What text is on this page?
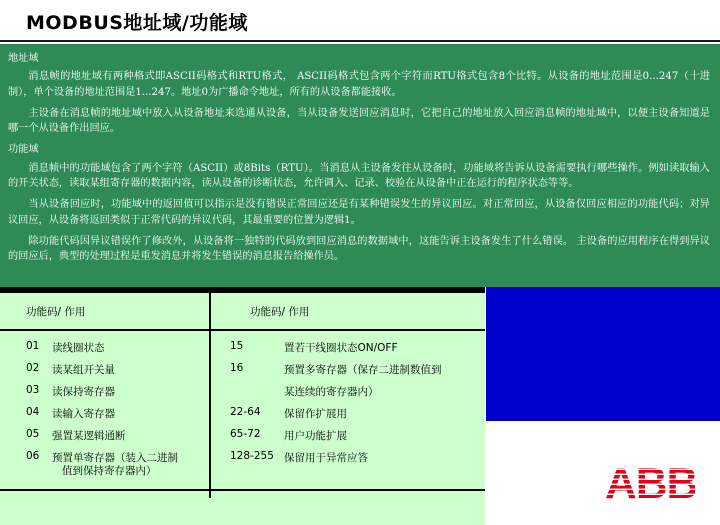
MODBUS地址域/功能域
地址域
消息帧的地址域有两种格式即ASCII码格式和RTU格式， ASCII码格式包含两个字符而RTU格式包含8个比特。从设备的地址范围是0...247（十进制），单个设备的地址范围是1...247。地址0为广播命令地址，所有的从设备都能接收。
主设备在消息帧的地址域中放入从设备地址来选通从设备，当从设备发送回应消息时，它把自己的地址放入回应消息帧的地址域中，以便主设备知道是哪一个从设备作出回应。
功能域
消息帧中的功能域包含了两个字符（ASCII）或8Bits（RTU）。当消息从主设备发往从设备时，功能域将告诉从设备需要执行哪些操作。例如读取输入的开关状态，读取某组寄存器的数据内容，读从设备的诊断状态，允许调入、记录、校验在从设备中正在运行的程序状态等等。
当从设备回应时，功能域中的返回值可以指示是没有错误正常回应还是有某种错误发生的异议回应。对正常回应，从设备仅回应相应的功能代码；对异议回应，从设备将返回类似于正常代码的异议代码，其最重要的位置为逻辑1。
除功能代码因异议错误作了修改外，从设备将一独特的代码放到回应消息的数据域中，这能告诉主设备发生了什么错误。 主设备的应用程序在得到异议的回应后，典型的处理过程是重发消息并将发生错误的消息报告给操作员。
功能码/ 作用	功能码/ 作用
01 读线圈状态
02 读某组开关量
03 读保持寄存器
04 读输入寄存器
05 强置某逻辑通断
06 预置单寄存器（装入二进制
值到保持寄存器内）
15	置若干线圈状态ON/OFF
16	预置多寄存器（保存二进制数值到
某连续的寄存器内）
22-64 保留作扩展用
65-72 用户功能扩展
128-255 保留用于异常应答
ABB
